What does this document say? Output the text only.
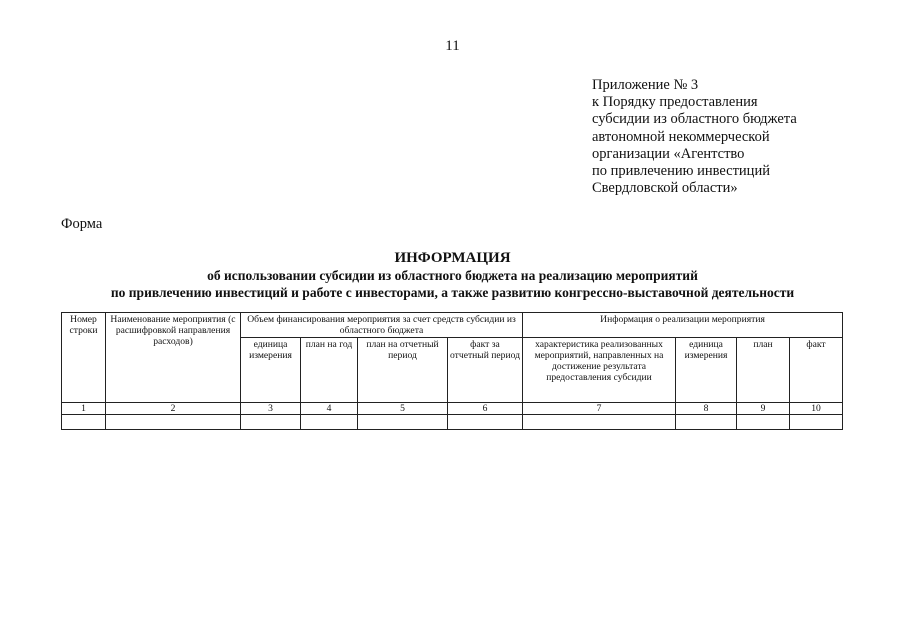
11
Приложение № 3
к Порядку предоставления
субсидии из областного бюджета
автономной некоммерческой
организации «Агентство
по привлечению инвестиций
Свердловской области»
Форма
ИНФОРМАЦИЯ
об использовании субсидии из областного бюджета на реализацию мероприятий
по привлечению инвестиций и работе с инвесторами, а также развитию конгрессно-выставочной деятельности
Номер строки	Наименование мероприятия (с расшифровкой направления расходов)	Объем финансирования мероприятия за счет средств субсидии из областного бюджета				Информация о реализации мероприятия			
		единица измерения	план на год	план на отчетный период	факт за отчетный период	характеристика реализованных мероприятий, направленных на достижение результата предоставления субсидии	единица измерения	план	факт
1	2	3	4	5	6	7	8	9	10
